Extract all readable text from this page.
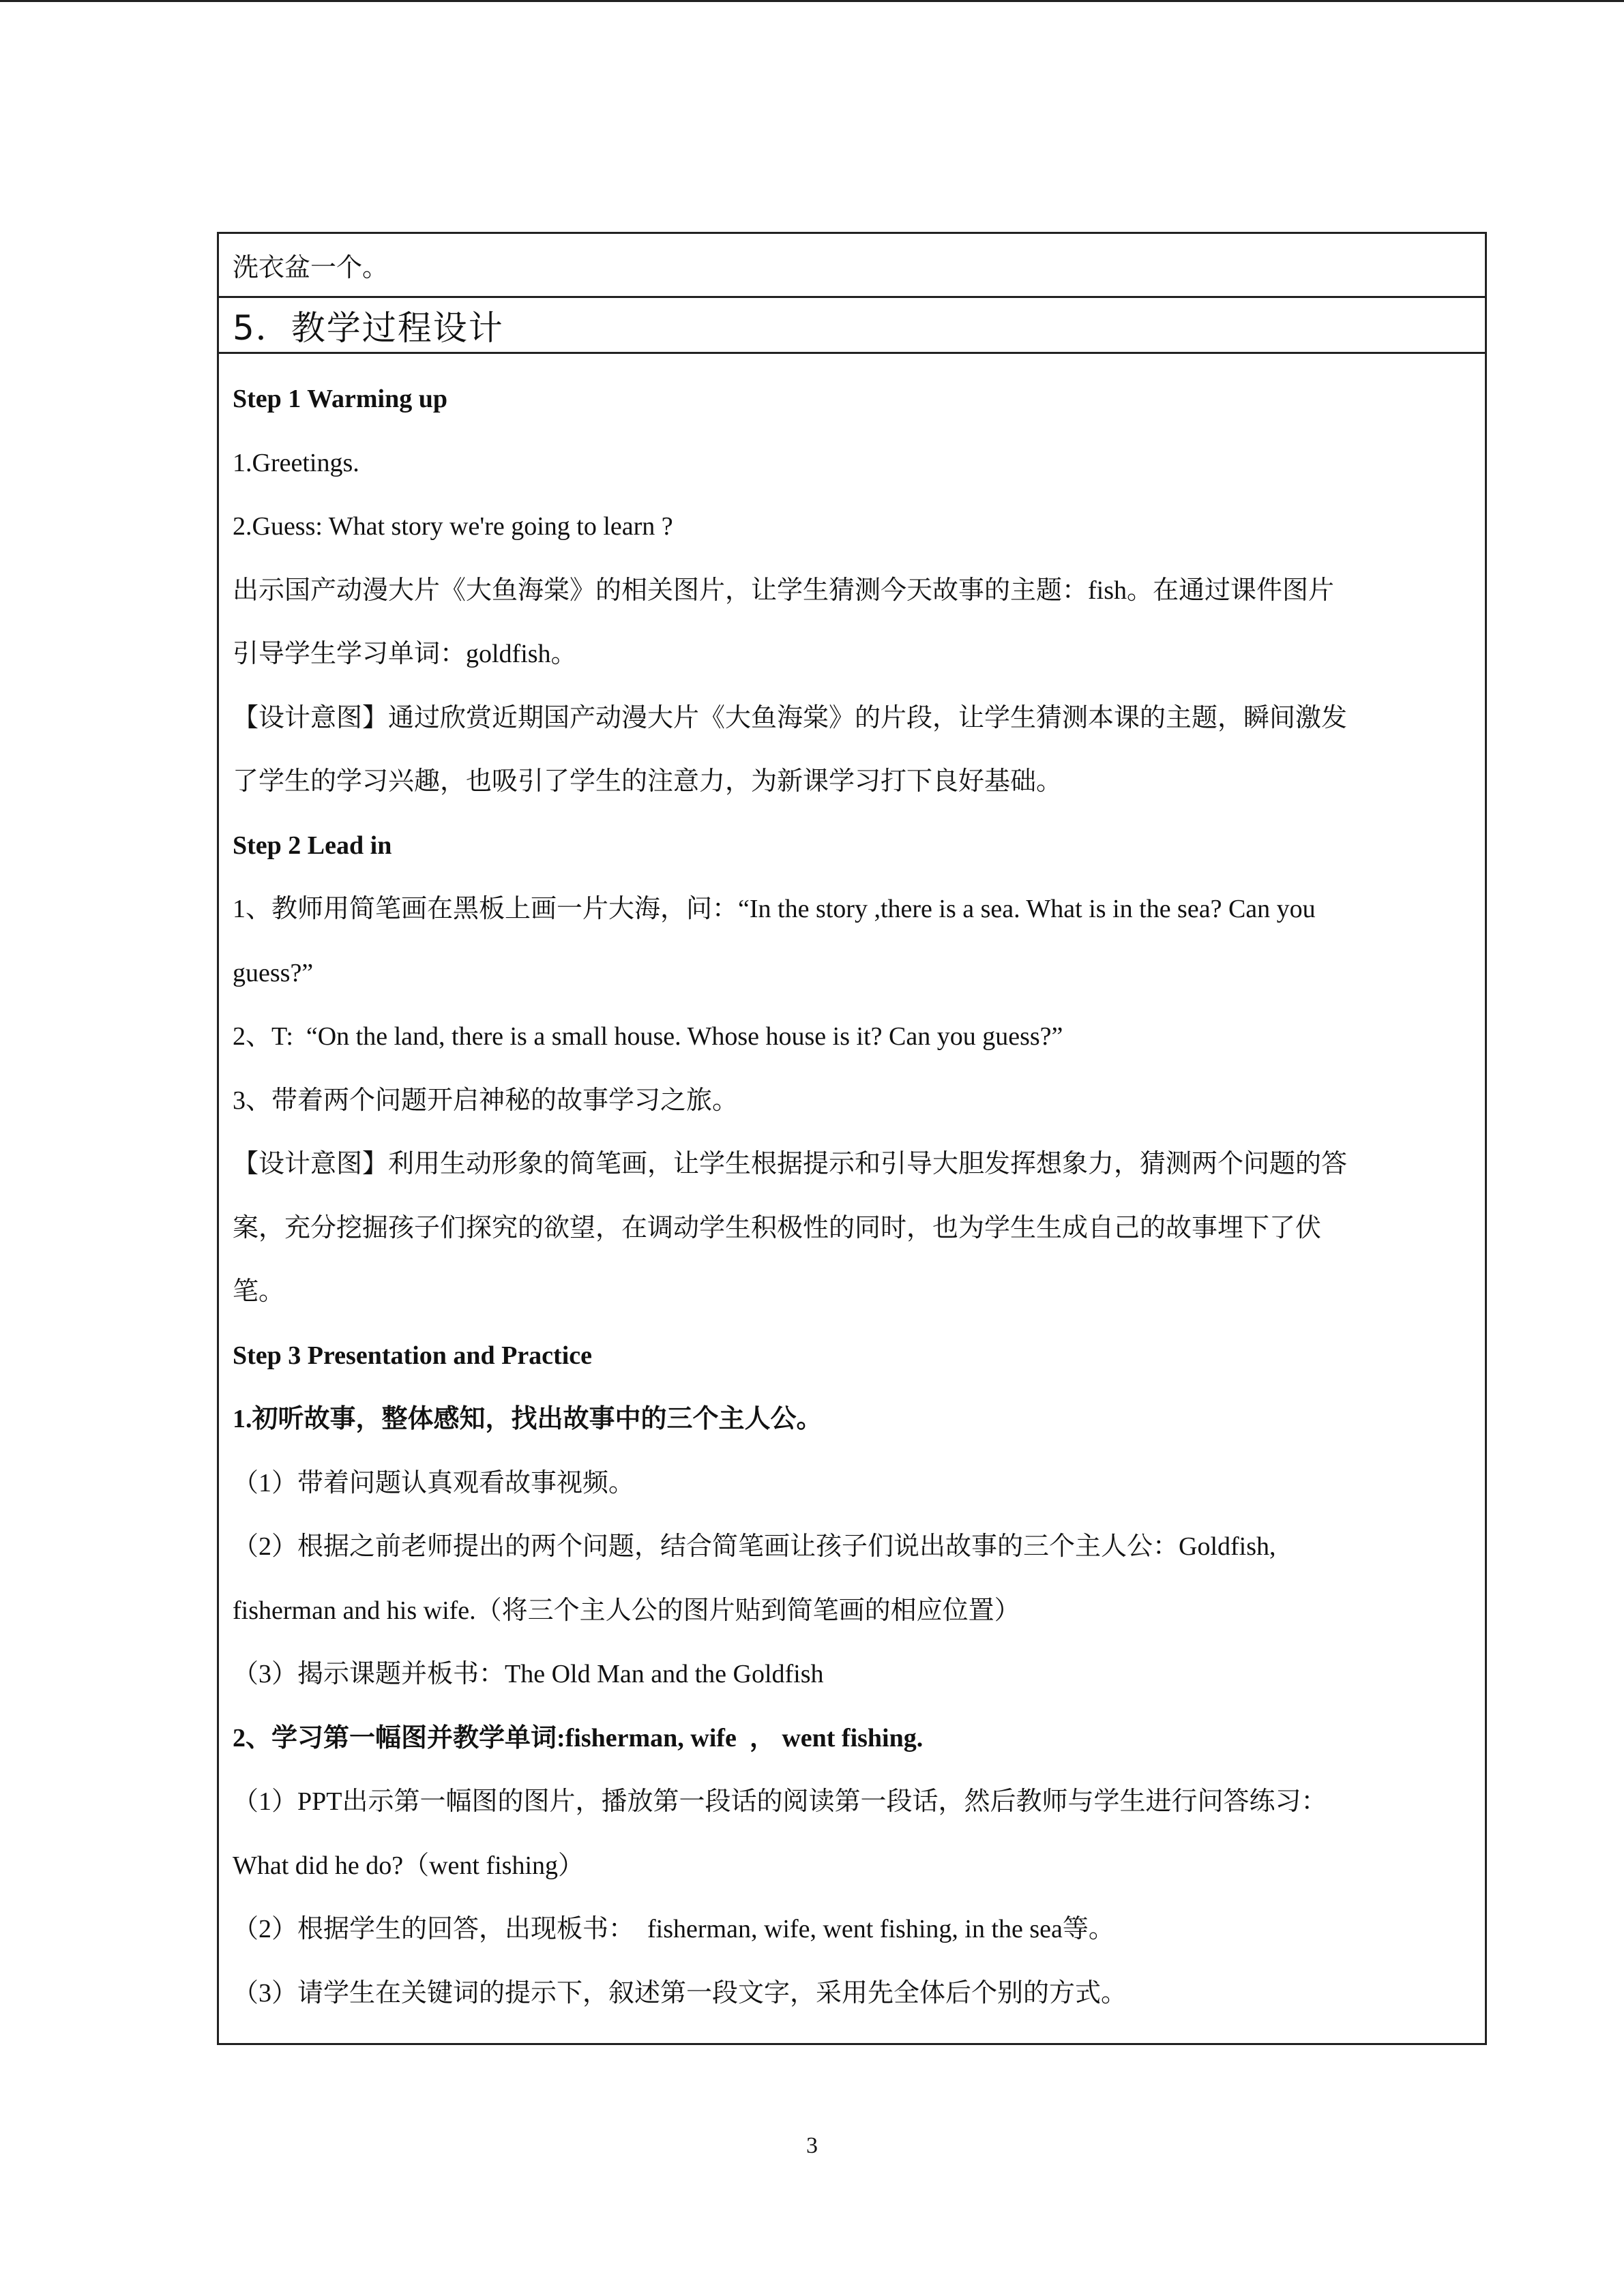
洗衣盆一个。
5．教学过程设计
Step 1 Warming up
1.Greetings.
2.Guess: What story we're going to learn ?
出示国产动漫大片《大鱼海棠》的相关图片，让学生猜测今天故事的主题：fish。在通过课件图片
引导学生学习单词：goldfish。
【设计意图】通过欣赏近期国产动漫大片《大鱼海棠》的片段，让学生猜测本课的主题，瞬间激发
了学生的学习兴趣，也吸引了学生的注意力，为新课学习打下良好基础。
Step 2 Lead in
1、教师用简笔画在黑板上画一片大海，问：“In the story ,there is a sea. What is in the sea? Can you
guess?”
2、T:  “On the land, there is a small house. Whose house is it? Can you guess?”
3、带着两个问题开启神秘的故事学习之旅。
【设计意图】利用生动形象的简笔画，让学生根据提示和引导大胆发挥想象力，猜测两个问题的答
案，充分挖掘孩子们探究的欲望，在调动学生积极性的同时，也为学生生成自己的故事埋下了伏
笔。
Step 3 Presentation and Practice
1.初听故事，整体感知，找出故事中的三个主人公。
（1）带着问题认真观看故事视频。
（2）根据之前老师提出的两个问题，结合简笔画让孩子们说出故事的三个主人公：Goldfish,
fisherman and his wife.（将三个主人公的图片贴到简笔画的相应位置）
（3）揭示课题并板书：The Old Man and the Goldfish
2、学习第一幅图并教学单词:fisherman, wife  ， went fishing.
（1）PPT出示第一幅图的图片，播放第一段话的阅读第一段话，然后教师与学生进行问答练习：
What did he do?（went fishing）
（2）根据学生的回答，出现板书：  fisherman, wife, went fishing, in the sea等。
（3）请学生在关键词的提示下，叙述第一段文字，采用先全体后个别的方式。
3
